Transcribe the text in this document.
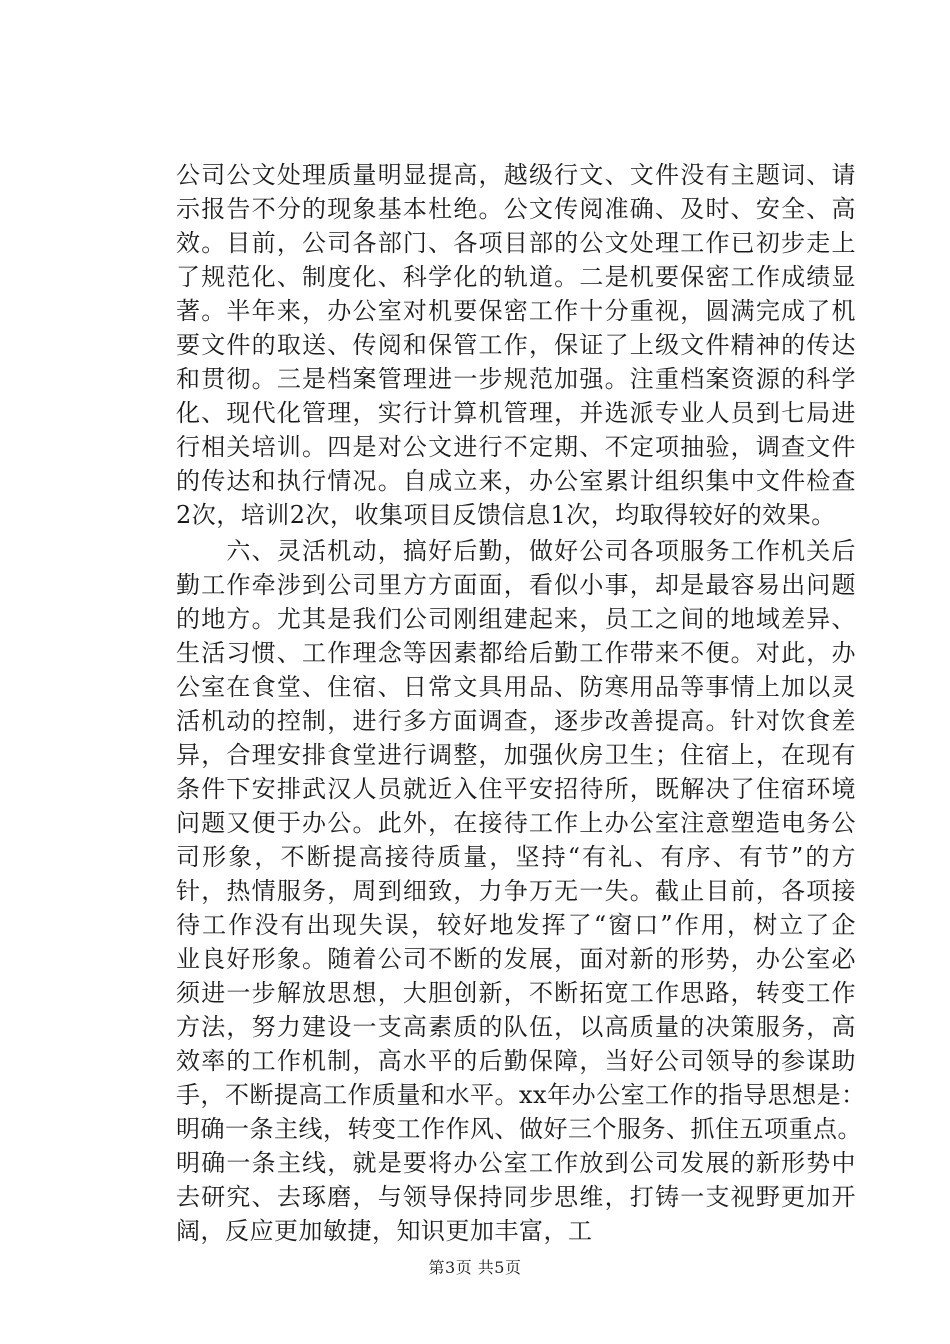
公司公文处理质量明显提高，越级行文、文件没有主题词、请
示报告不分的现象基本杜绝。公文传阅准确、及时、安全、高
效。目前，公司各部门、各项目部的公文处理工作已初步走上
了规范化、制度化、科学化的轨道。二是机要保密工作成绩显
著。半年来，办公室对机要保密工作十分重视，圆满完成了机
要文件的取送、传阅和保管工作，保证了上级文件精神的传达
和贯彻。三是档案管理进一步规范加强。注重档案资源的科学
化、现代化管理，实行计算机管理，并选派专业人员到七局进
行相关培训。四是对公文进行不定期、不定项抽验，调查文件
的传达和执行情况。自成立来，办公室累计组织集中文件检查
2次，培训2次，收集项目反馈信息1次，均取得较好的效果。
　　六、灵活机动，搞好后勤，做好公司各项服务工作机关后
勤工作牵涉到公司里方方面面，看似小事，却是最容易出问题
的地方。尤其是我们公司刚组建起来，员工之间的地域差异、
生活习惯、工作理念等因素都给后勤工作带来不便。对此，办
公室在食堂、住宿、日常文具用品、防寒用品等事情上加以灵
活机动的控制，进行多方面调查，逐步改善提高。针对饮食差
异，合理安排食堂进行调整，加强伙房卫生；住宿上，在现有
条件下安排武汉人员就近入住平安招待所，既解决了住宿环境
问题又便于办公。此外，在接待工作上办公室注意塑造电务公
司形象，不断提高接待质量，坚持“有礼、有序、有节”的方
针，热情服务，周到细致，力争万无一失。截止目前，各项接
待工作没有出现失误，较好地发挥了“窗口”作用，树立了企
业良好形象。随着公司不断的发展，面对新的形势，办公室必
须进一步解放思想，大胆创新，不断拓宽工作思路，转变工作
方法，努力建设一支高素质的队伍，以高质量的决策服务，高
效率的工作机制，高水平的后勤保障，当好公司领导的参谋助
手，不断提高工作质量和水平。xx年办公室工作的指导思想是：
明确一条主线，转变工作作风、做好三个服务、抓住五项重点。
明确一条主线，就是要将办公室工作放到公司发展的新形势中
去研究、去琢磨，与领导保持同步思维，打铸一支视野更加开
阔，反应更加敏捷，知识更加丰富，工
第3页 共5页
